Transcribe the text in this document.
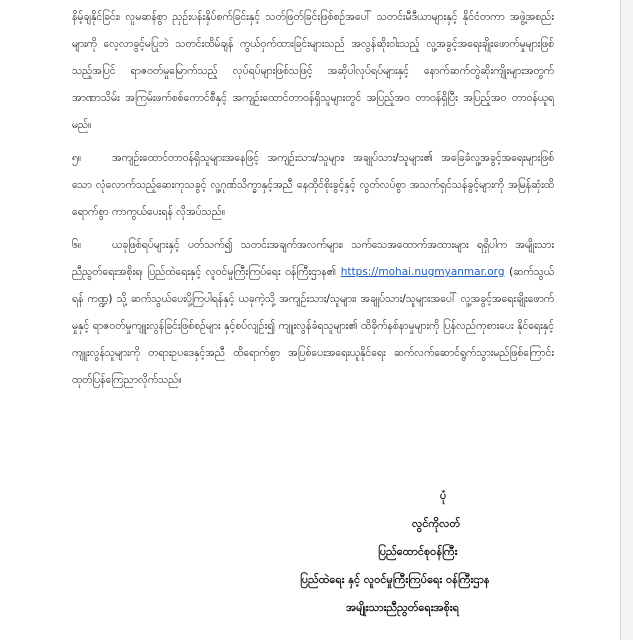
နိမ့်ချနိုင်ခြင်း၊ လူမဆန်စွာ ညှဉ်းပန်းနှိပ်စက်ခြင်းနှင့် သတ်ဖြတ်ခြင်းဖြစ်စဉ်အပေါ် သတင်းမီဒီယာများနှင့် နိုင်ငံတကာ အဖွဲ့အစည်းများကို လေ့လာခွင့်မပြုဘဲ သတင်းထိမ်ချန် ကွယ်ဝှက်ထားခြင်းများသည် အလွန်ဆိုးဝါးသည့် လူ့အခွင့်အရေးချိုးဖောက်မှုများဖြစ်သည့်အပြင် ရာဇဝတ်မှုမြောက်သည့် လုပ်ရပ်များဖြစ်သဖြင့် အဆိုပါလုပ်ရပ်များနှင့် နောက်ဆက်တွဲဆိုးကျိုးများအတွက် အာဏာသိမ်း အကြမ်းဖက်စစ်ကောင်စီနှင့် အကျဉ်းထောင်တာဝန်ရှိသူများတွင် အပြည့်အဝ တာဝန်ရှိပြီး အပြည့်အဝ တာဝန်ယူရမည်။

၅။	အကျဉ်းထောင်တာဝန်ရှိသူများအနေဖြင့် အကျဉ်းသား/သူများ၊ အချုပ်သား/သူများ၏ အခြေခံလူ့အခွင့်အရေးများဖြစ်သော လုံလောက်သည့်ဆေးကုသခွင့် လူ့ဂုဏ်သိက္ခာနှင့်အညီ နေထိုင်စိုးခွင့်နှင့် လွတ်လပ်စွာ အသက်ရှင်သန်ခွင့်များကို အမြန်ဆုံးထိရောက်စွာ ကာကွယ်ပေးရန် လိုအပ်သည်။

၆။	ယခုဖြစ်ရပ်များနှင့် ပတ်သက်၍ သတင်းအချက်အလက်များ၊ သက်သေအထောက်အထားများ ရရှိပါက အမျိုးသားညီညွတ်ရေးအစိုးရ၊ ပြည်ထဲရေးနှင့် လူဝင်မှုကြီးကြပ်ရေး ဝန်ကြီးဌာန၏ https://mohai.nugmyanmar.org (ဆက်သွယ်ရန် ကဏ္ဍ) သို့ ဆက်သွယ်ပေးပို့ကြပါရန်နှင့် ယခုကဲ့သို့ အကျဉ်းသား/သူများ၊ အချုပ်သား/သူများအပေါ် လူ့အခွင့်အရေးချိုးဖောက်မှုနှင့် ရာဇဝတ်မှုကျူးလွန်ခြင်းဖြစ်စဉ်များ နှင့်စပ်လျဉ်း၍ ကျူးလွန်ခံရသူများ၏ ထိခိုက်နစ်နာမှုများကို ပြန်လည်ကုစားပေး နိုင်ရေးနှင့် ကျူးလွန်သူများကို တရားဥပဒေနှင့်အညီ ထိရောက်စွာ အပြစ်ပေးအရေးယူနိုင်ရေး ဆက်လက်ဆောင်ရွက်သွားမည်ဖြစ်ကြောင်း ထုတ်ပြန်ကြေညာလိုက်သည်။

ပုံ
လွင်ကိုလတ်
ပြည်ထောင်စုဝန်ကြီး
ပြည်ထဲရေး နှင့် လူဝင်မှုကြီးကြပ်ရေး ဝန်ကြီးဌာန
အမျိုးသားညီညွတ်ရေးအစိုးရ
